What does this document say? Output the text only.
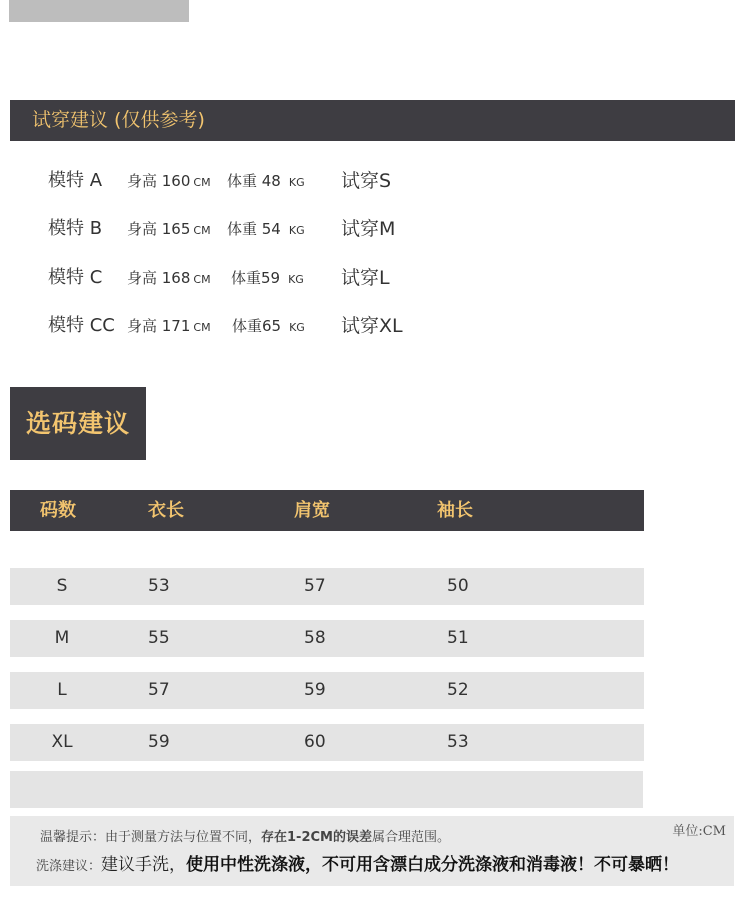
试穿建议 (仅供参考)
模特 A 身高 160 CM 体重 48 KG 试穿S
模特 B 身高 165 CM 体重 54 KG 试穿M
模特 C 身高 168 CM 体重59 KG 试穿L
模特 CC 身高 171 CM 体重65 KG 试穿XL
选码建议
码数	衣长	肩宽	袖长
S	53	57	50
M	55	58	51
L	57	59	52
XL	59	60	53
温馨提示：由于测量方法与位置不同，存在1-2CM的误差属合理范围。	单位:CM
洗涤建议：建议手洗，使用中性洗涤液，不可用含漂白成分洗涤液和消毒液！不可暴晒！
